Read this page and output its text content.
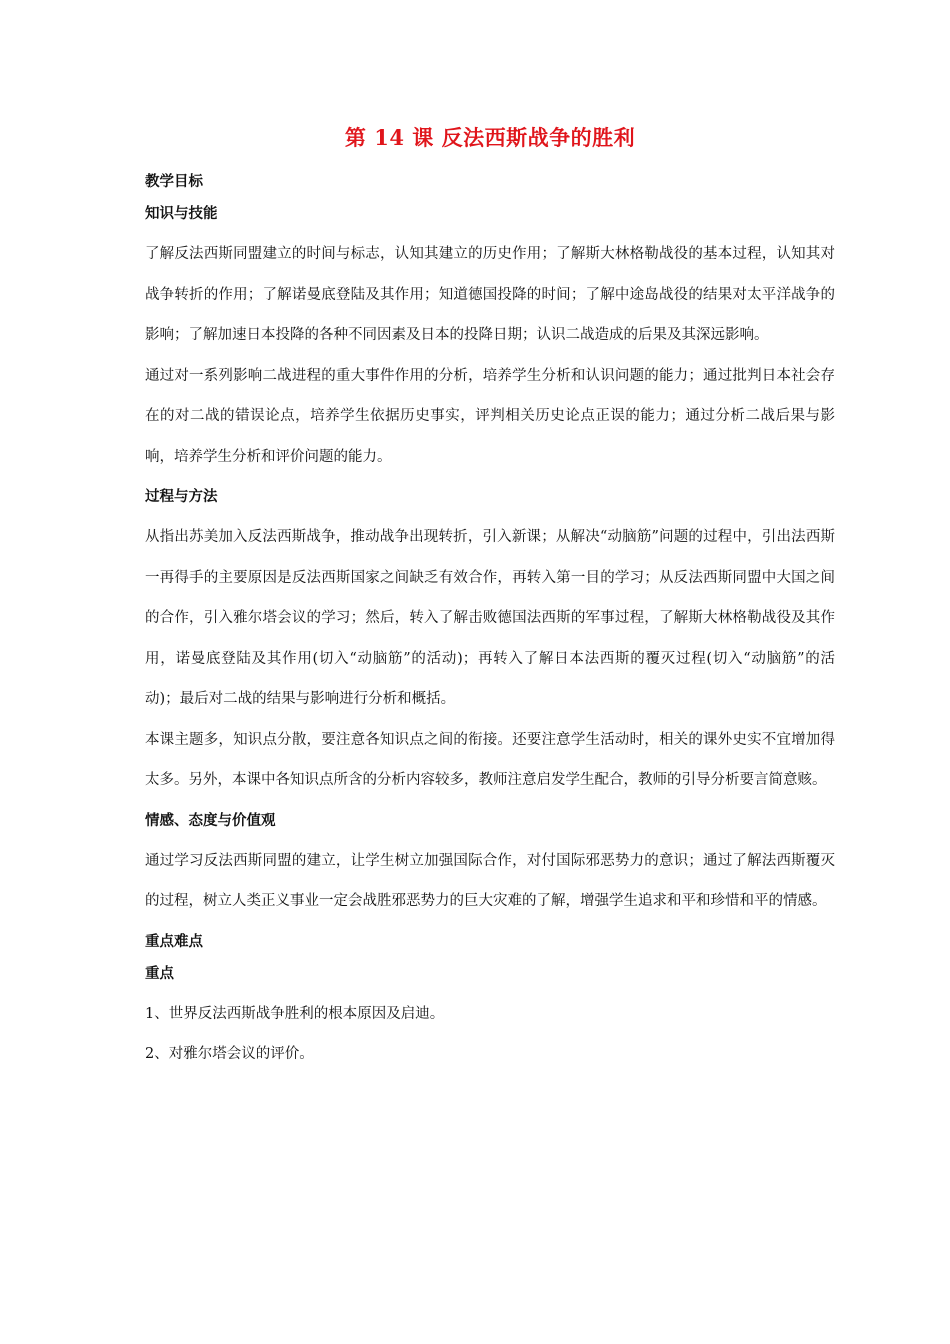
第 14 课 反法西斯战争的胜利
教学目标
知识与技能

了解反法西斯同盟建立的时间与标志，认知其建立的历史作用；了解斯大林格勒战役的基本过程，认知其对战争转折的作用；了解诺曼底登陆及其作用；知道德国投降的时间；了解中途岛战役的结果对太平洋战争的影响；了解加速日本投降的各种不同因素及日本的投降日期；认识二战造成的后果及其深远影响。

通过对一系列影响二战进程的重大事件作用的分析，培养学生分析和认识问题的能力；通过批判日本社会存在的对二战的错误论点，培养学生依据历史事实，评判相关历史论点正误的能力；通过分析二战后果与影响，培养学生分析和评价问题的能力。

过程与方法

从指出苏美加入反法西斯战争，推动战争出现转折，引入新课；从解决“动脑筋”问题的过程中，引出法西斯一再得手的主要原因是反法西斯国家之间缺乏有效合作，再转入第一目的学习；从反法西斯同盟中大国之间的合作，引入雅尔塔会议的学习；然后，转入了解击败德国法西斯的军事过程，了解斯大林格勒战役及其作用，诺曼底登陆及其作用(切入“动脑筋”的活动)；再转入了解日本法西斯的覆灭过程(切入“动脑筋”的活动)；最后对二战的结果与影响进行分析和概括。

本课主题多，知识点分散，要注意各知识点之间的衔接。还要注意学生活动时，相关的课外史实不宜增加得太多。另外，本课中各知识点所含的分析内容较多，教师注意启发学生配合，教师的引导分析要言简意赅。

情感、态度与价值观

通过学习反法西斯同盟的建立，让学生树立加强国际合作，对付国际邪恶势力的意识；通过了解法西斯覆灭的过程，树立人类正义事业一定会战胜邪恶势力的巨大灾难的了解，增强学生追求和平和珍惜和平的情感。

重点难点
重点

1、世界反法西斯战争胜利的根本原因及启迪。

2、对雅尔塔会议的评价。
